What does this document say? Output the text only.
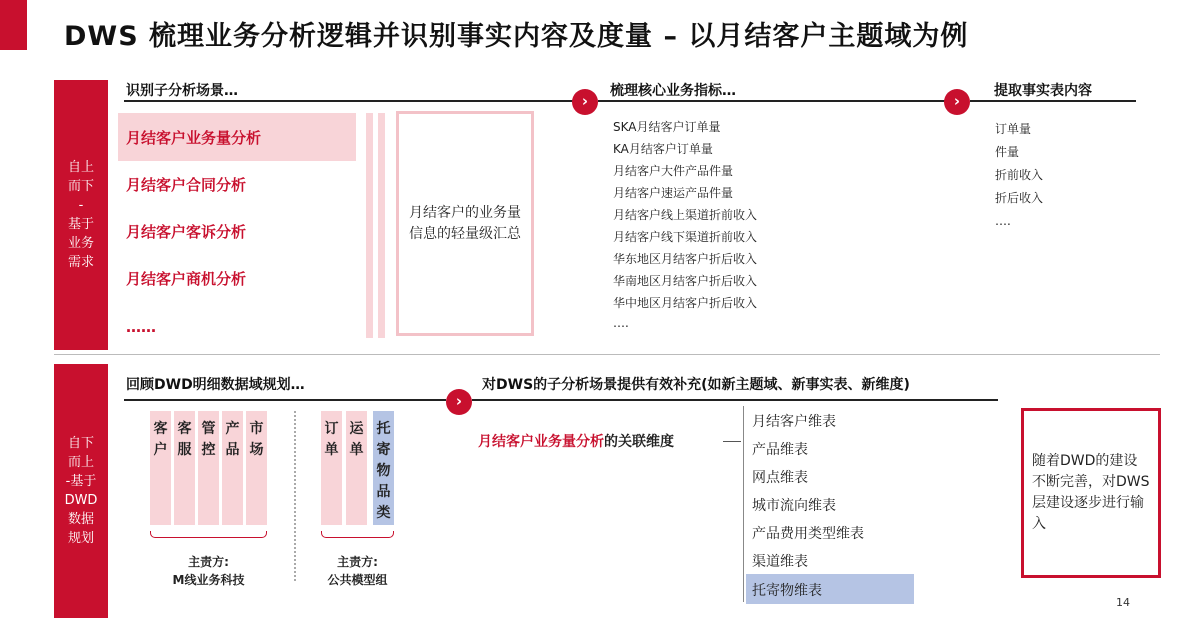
DWS 梳理业务分析逻辑并识别事实内容及度量 – 以月结客户主题域为例
自上
而下
-
基于
业务
需求
识别子分析场景…	梳理核心业务指标…	提取事实表内容
›	›
月结客户业务量分析
月结客户合同分析
月结客户客诉分析
月结客户商机分析
……
月结客户的业务量信息的轻量级汇总
SKA月结客户订单量
KA月结客户订单量
月结客户大件产品件量
月结客户速运产品件量
月结客户线上渠道折前收入
月结客户线下渠道折前收入
华东地区月结客户折后收入
华南地区月结客户折后收入
华中地区月结客户折后收入
….
订单量
件量
折前收入
折后收入
….
自下
而上
-基于
DWD
数据
规划
回顾DWD明细数据域规划…	对DWS的子分析场景提供有效补充(如新主题域、新事实表、新维度)
›
客户
客服
管控
产品
市场
订单
运单
托寄物品类
主责方:
M线业务科技
主责方:
公共模型组
月结客户业务量分析的关联维度
月结客户维表
产品维表
网点维表
城市流向维表
产品费用类型维表
渠道维表
托寄物维表
随着DWD的建设不断完善，对DWS层建设逐步进行输入
14
